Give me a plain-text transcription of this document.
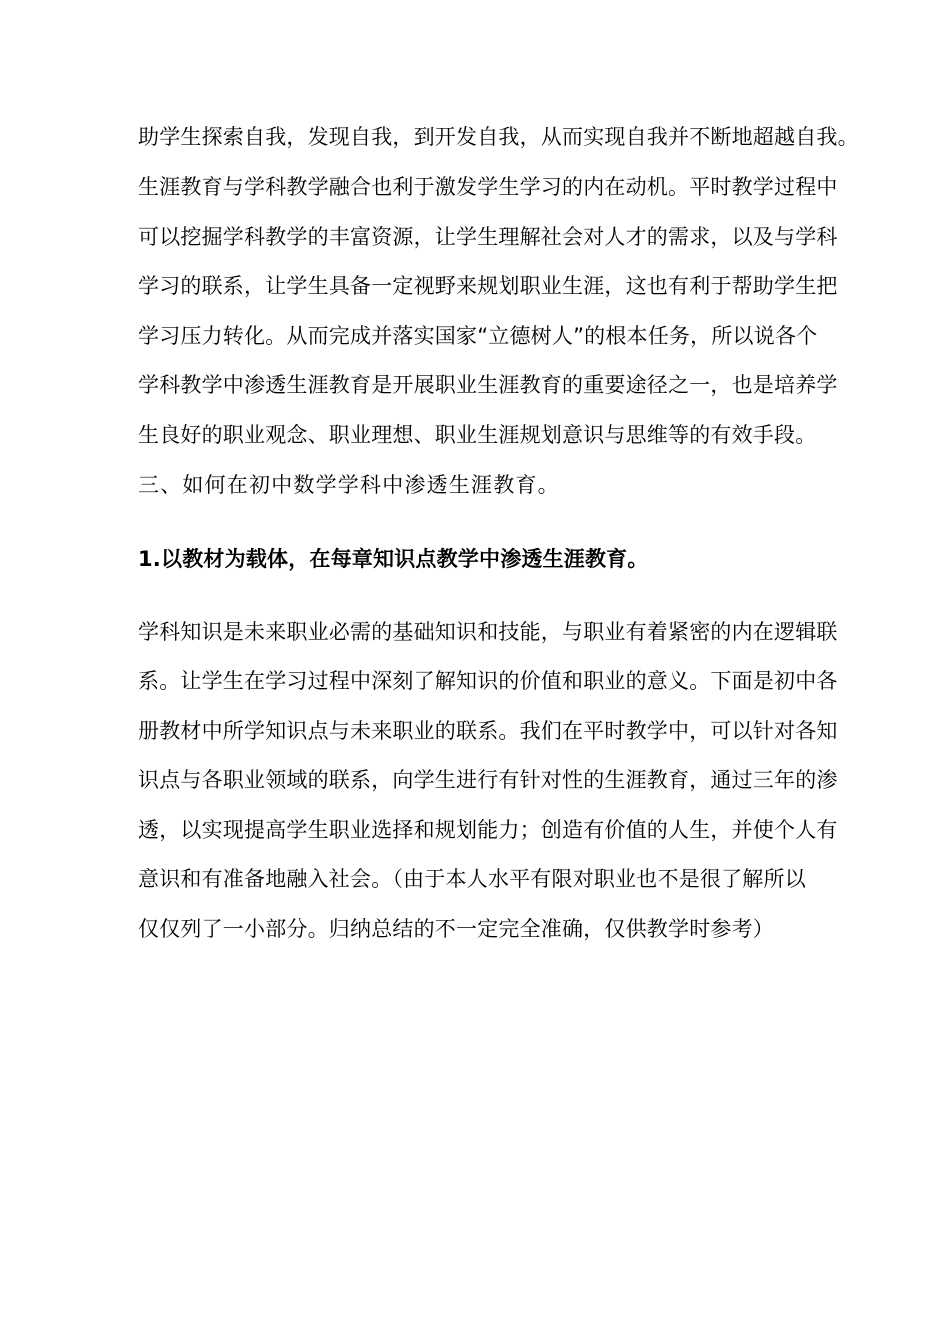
助学生探索自我，发现自我，到开发自我，从而实现自我并不断地超越自我。
生涯教育与学科教学融合也利于激发学生学习的内在动机。平时教学过程中
可以挖掘学科教学的丰富资源，让学生理解社会对人才的需求，以及与学科
学习的联系，让学生具备一定视野来规划职业生涯，这也有利于帮助学生把
学习压力转化。从而完成并落实国家“立德树人”的根本任务，所以说各个
学科教学中渗透生涯教育是开展职业生涯教育的重要途径之一，也是培养学
生良好的职业观念、职业理想、职业生涯规划意识与思维等的有效手段。
三、如何在初中数学学科中渗透生涯教育。
1.以教材为载体，在每章知识点教学中渗透生涯教育。
学科知识是未来职业必需的基础知识和技能，与职业有着紧密的内在逻辑联
系。让学生在学习过程中深刻了解知识的价值和职业的意义。下面是初中各
册教材中所学知识点与未来职业的联系。我们在平时教学中，可以针对各知
识点与各职业领域的联系，向学生进行有针对性的生涯教育，通过三年的渗
透，以实现提高学生职业选择和规划能力；创造有价值的人生，并使个人有
意识和有准备地融入社会。（由于本人水平有限对职业也不是很了解所以
仅仅列了一小部分。归纳总结的不一定完全准确，仅供教学时参考）
